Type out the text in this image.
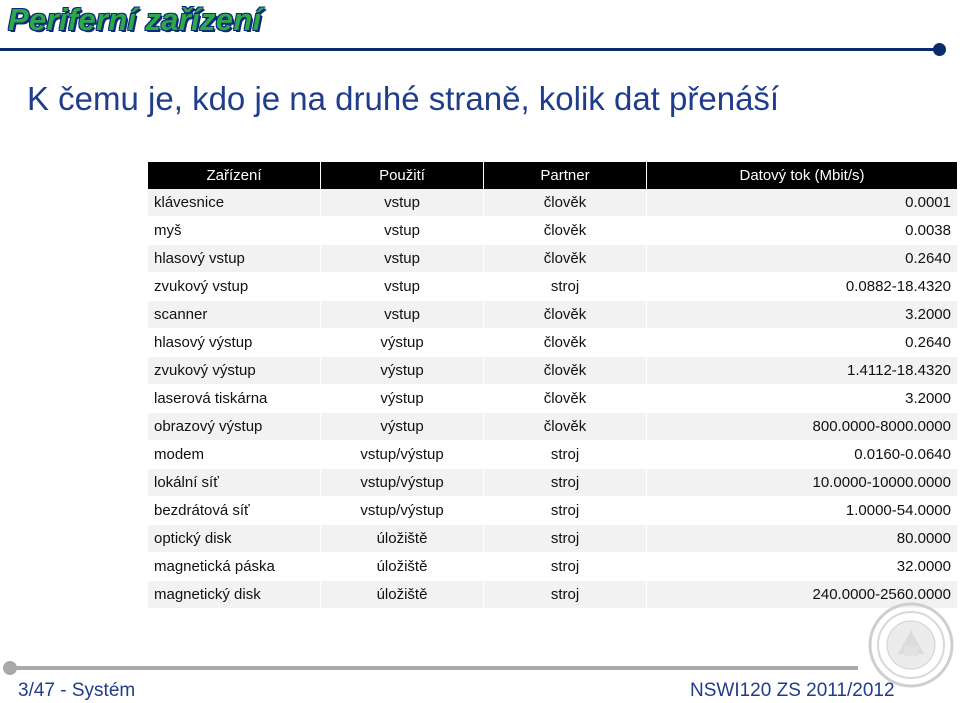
Periferní zařízení
K čemu je, kdo je na druhé straně, kolik dat přenáší
Zařízení	Použití	Partner	Datový tok (Mbit/s)
klávesnice	vstup	člověk	0.0001
myš	vstup	člověk	0.0038
hlasový vstup	vstup	člověk	0.2640
zvukový vstup	vstup	stroj	0.0882-18.4320
scanner	vstup	člověk	3.2000
hlasový výstup	výstup	člověk	0.2640
zvukový výstup	výstup	člověk	1.4112-18.4320
laserová tiskárna	výstup	člověk	3.2000
obrazový výstup	výstup	člověk	800.0000-8000.0000
modem	vstup/výstup	stroj	0.0160-0.0640
lokální síť	vstup/výstup	stroj	10.0000-10000.0000
bezdrátová síť	vstup/výstup	stroj	1.0000-54.0000
optický disk	úložiště	stroj	80.0000
magnetická páska	úložiště	stroj	32.0000
magnetický disk	úložiště	stroj	240.0000-2560.0000
3/47 - Systém	NSWI120 ZS 2011/2012
